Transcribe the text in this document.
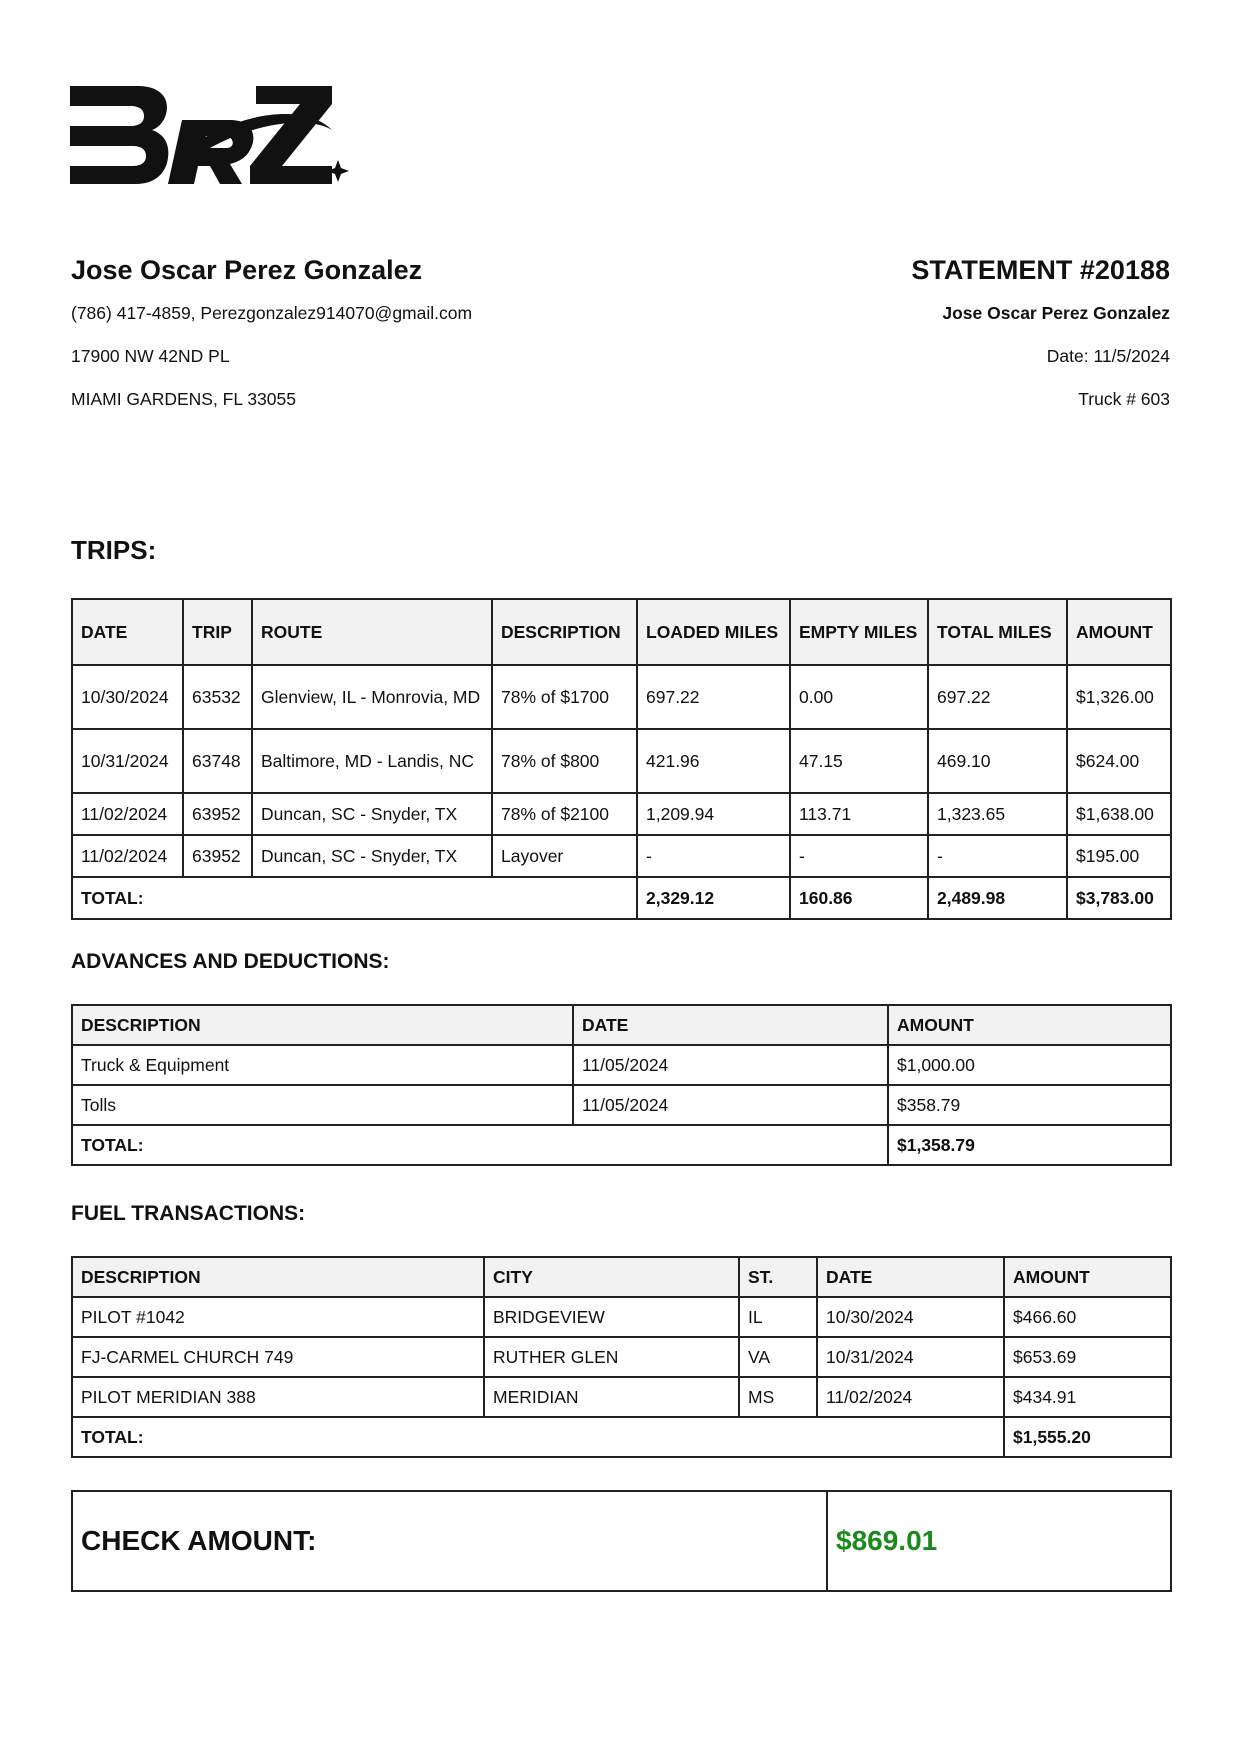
Jose Oscar Perez Gonzalez
(786) 417-4859, Perezgonzalez914070@gmail.com
17900 NW 42ND PL
MIAMI GARDENS, FL 33055
STATEMENT #20188
Jose Oscar Perez Gonzalez
Date: 11/5/2024
Truck # 603
TRIPS:
DATE	TRIP	ROUTE	DESCRIPTION	LOADED MILES	EMPTY MILES	TOTAL MILES	AMOUNT
10/30/2024	63532	Glenview, IL - Monrovia, MD	78% of $1700	697.22	0.00	697.22	$1,326.00
10/31/2024	63748	Baltimore, MD - Landis, NC	78% of $800	421.96	47.15	469.10	$624.00
11/02/2024	63952	Duncan, SC - Snyder, TX	78% of $2100	1,209.94	113.71	1,323.65	$1,638.00
11/02/2024	63952	Duncan, SC - Snyder, TX	Layover	-	-	-	$195.00
TOTAL:				2,329.12	160.86	2,489.98	$3,783.00
ADVANCES AND DEDUCTIONS:
DESCRIPTION	DATE	AMOUNT
Truck & Equipment	11/05/2024	$1,000.00
Tolls	11/05/2024	$358.79
TOTAL:		$1,358.79
FUEL TRANSACTIONS:
DESCRIPTION	CITY	ST.	DATE	AMOUNT
PILOT #1042	BRIDGEVIEW	IL	10/30/2024	$466.60
FJ-CARMEL CHURCH 749	RUTHER GLEN	VA	10/31/2024	$653.69
PILOT MERIDIAN 388	MERIDIAN	MS	11/02/2024	$434.91
TOTAL:				$1,555.20
CHECK AMOUNT:	$869.01
